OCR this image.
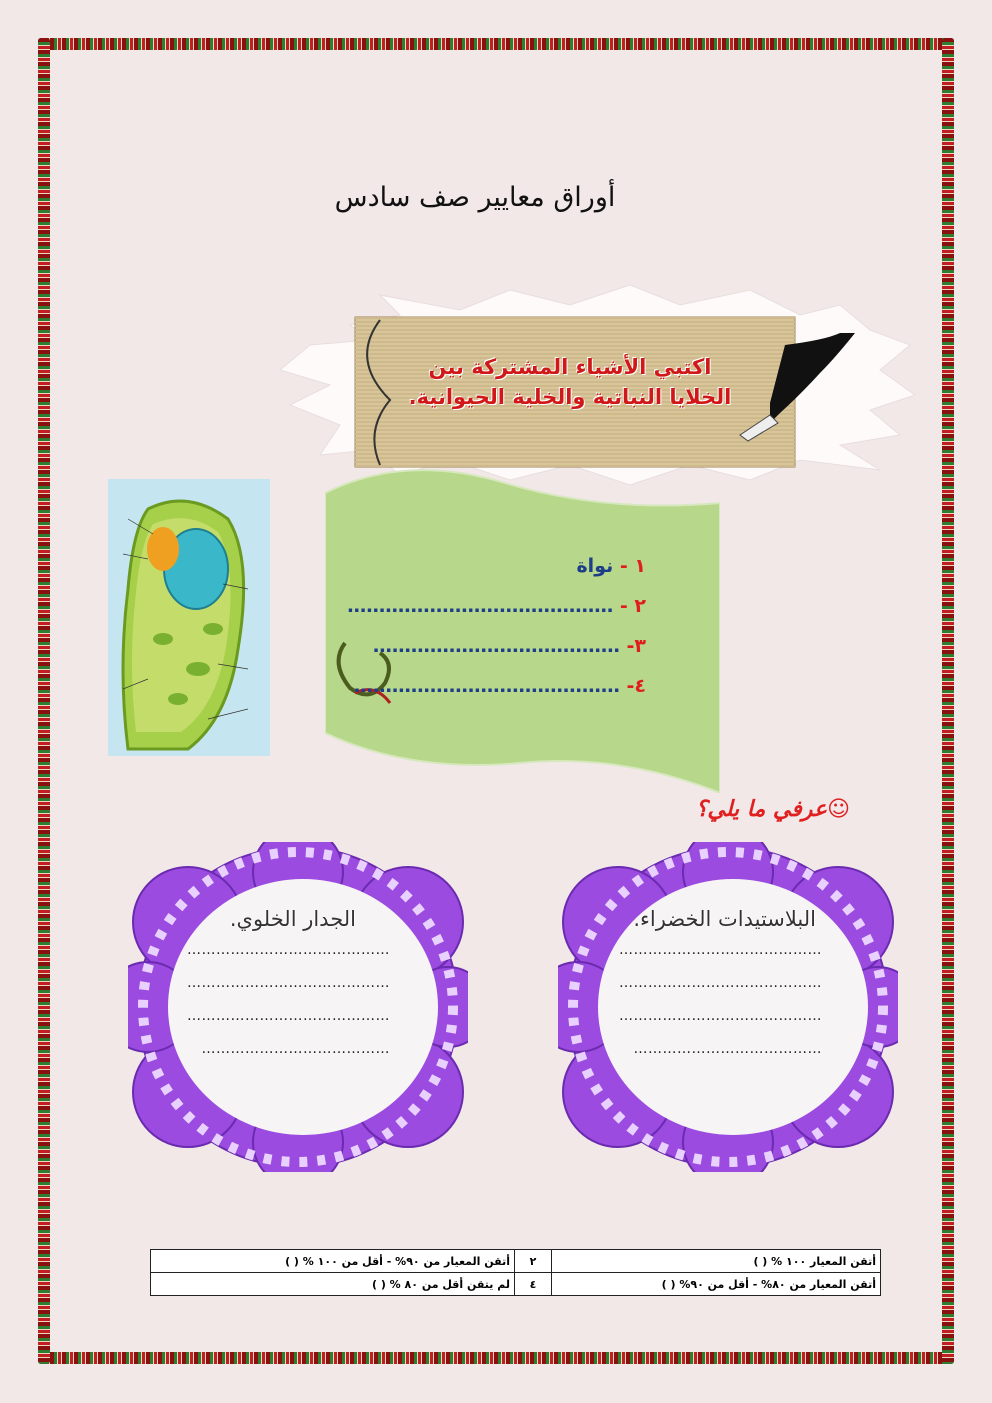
أوراق معايير صف سادس
اكتبي الأشياء المشتركة بين
الخلايا النباتية والخلية الحيوانية.
١ - نواة
٢ - ……………………………………
٣- …………………………………
٤- ……………………………………
☺عرفي ما يلي؟
البلاستيدات الخضراء.
……………………………………
……………………………………
……………………………………
…………………………………
الجدار الخلوي.
……………………………………
……………………………………
……………………………………
…………………………………
أتقن المعيار ١٠٠ % ( )	٢	أتقن المعيار من ٩٠% - أقل من ١٠٠ % ( )
أتقن المعيار من ٨٠% - أقل من ٩٠% ( )	٤	لم يتقن أقل من ٨٠ % ( )
